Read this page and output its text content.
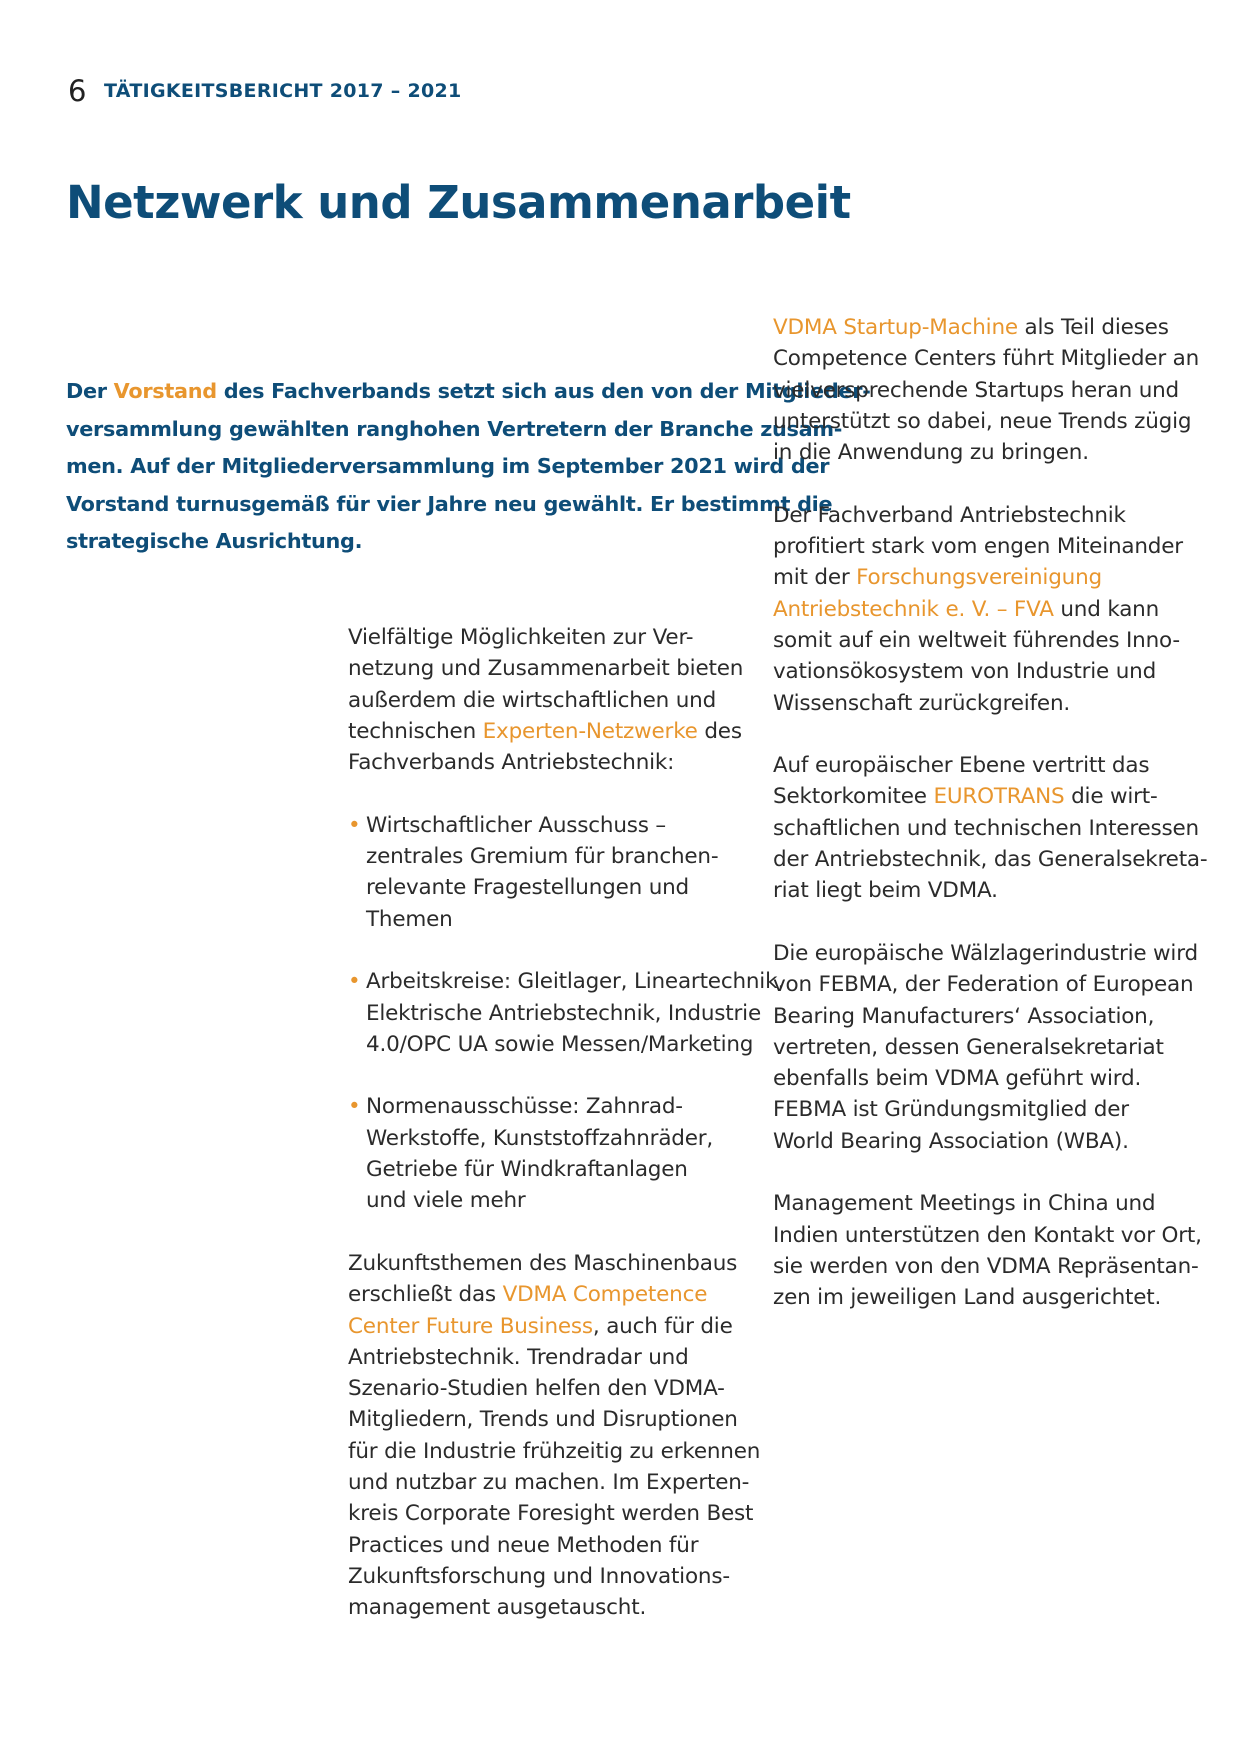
6 TÄTIGKEITSBERICHT 2017 – 2021
Netzwerk und Zusammenarbeit
Der Vorstand des Fachverbands setzt sich aus den von der Mitglieder-
versammlung gewählten ranghohen Vertretern der Branche zusam-
men. Auf der Mitgliederversammlung im September 2021 wird der
Vorstand turnusgemäß für vier Jahre neu gewählt. Er bestimmt die
strategische Ausrichtung.
Vielfältige Möglichkeiten zur Ver-
netzung und Zusammenarbeit bieten
außerdem die wirtschaftlichen und
technischen Experten-Netzwerke des
Fachverbands Antriebstechnik:
• Wirtschaftlicher Ausschuss –
zentrales Gremium für branchen-
relevante Fragestellungen und
Themen
• Arbeitskreise: Gleitlager, Lineartechnik,
Elektrische Antriebstechnik, Industrie
4.0/OPC UA sowie Messen/Marketing
• Normenausschüsse: Zahnrad-
Werkstoffe, Kunststoffzahnräder,
Getriebe für Windkraftanlagen
und viele mehr
Zukunftsthemen des Maschinenbaus
erschließt das VDMA Competence
Center Future Business, auch für die
Antriebstechnik. Trendradar und
Szenario-Studien helfen den VDMA-
Mitgliedern, Trends und Disruptionen
für die Industrie frühzeitig zu erkennen
und nutzbar zu machen. Im Experten-
kreis Corporate Foresight werden Best
Practices und neue Methoden für
Zukunftsforschung und Innovations-
management ausgetauscht.
VDMA Startup-Machine als Teil dieses
Competence Centers führt Mitglieder an
vielversprechende Startups heran und
unterstützt so dabei, neue Trends zügig
in die Anwendung zu bringen.
Der Fachverband Antriebstechnik
profitiert stark vom engen Miteinander
mit der Forschungsvereinigung
Antriebstechnik e. V. – FVA und kann
somit auf ein weltweit führendes Inno-
vationsökosystem von Industrie und
Wissenschaft zurückgreifen.
Auf europäischer Ebene vertritt das
Sektorkomitee EUROTRANS die wirt-
schaftlichen und technischen Interessen
der Antriebstechnik, das Generalsekreta-
riat liegt beim VDMA.
Die europäische Wälzlagerindustrie wird
von FEBMA, der Federation of European
Bearing Manufacturers‘ Association,
vertreten, dessen Generalsekretariat
ebenfalls beim VDMA geführt wird.
FEBMA ist Gründungsmitglied der
World Bearing Association (WBA).
Management Meetings in China und
Indien unterstützen den Kontakt vor Ort,
sie werden von den VDMA Repräsentan-
zen im jeweiligen Land ausgerichtet.
